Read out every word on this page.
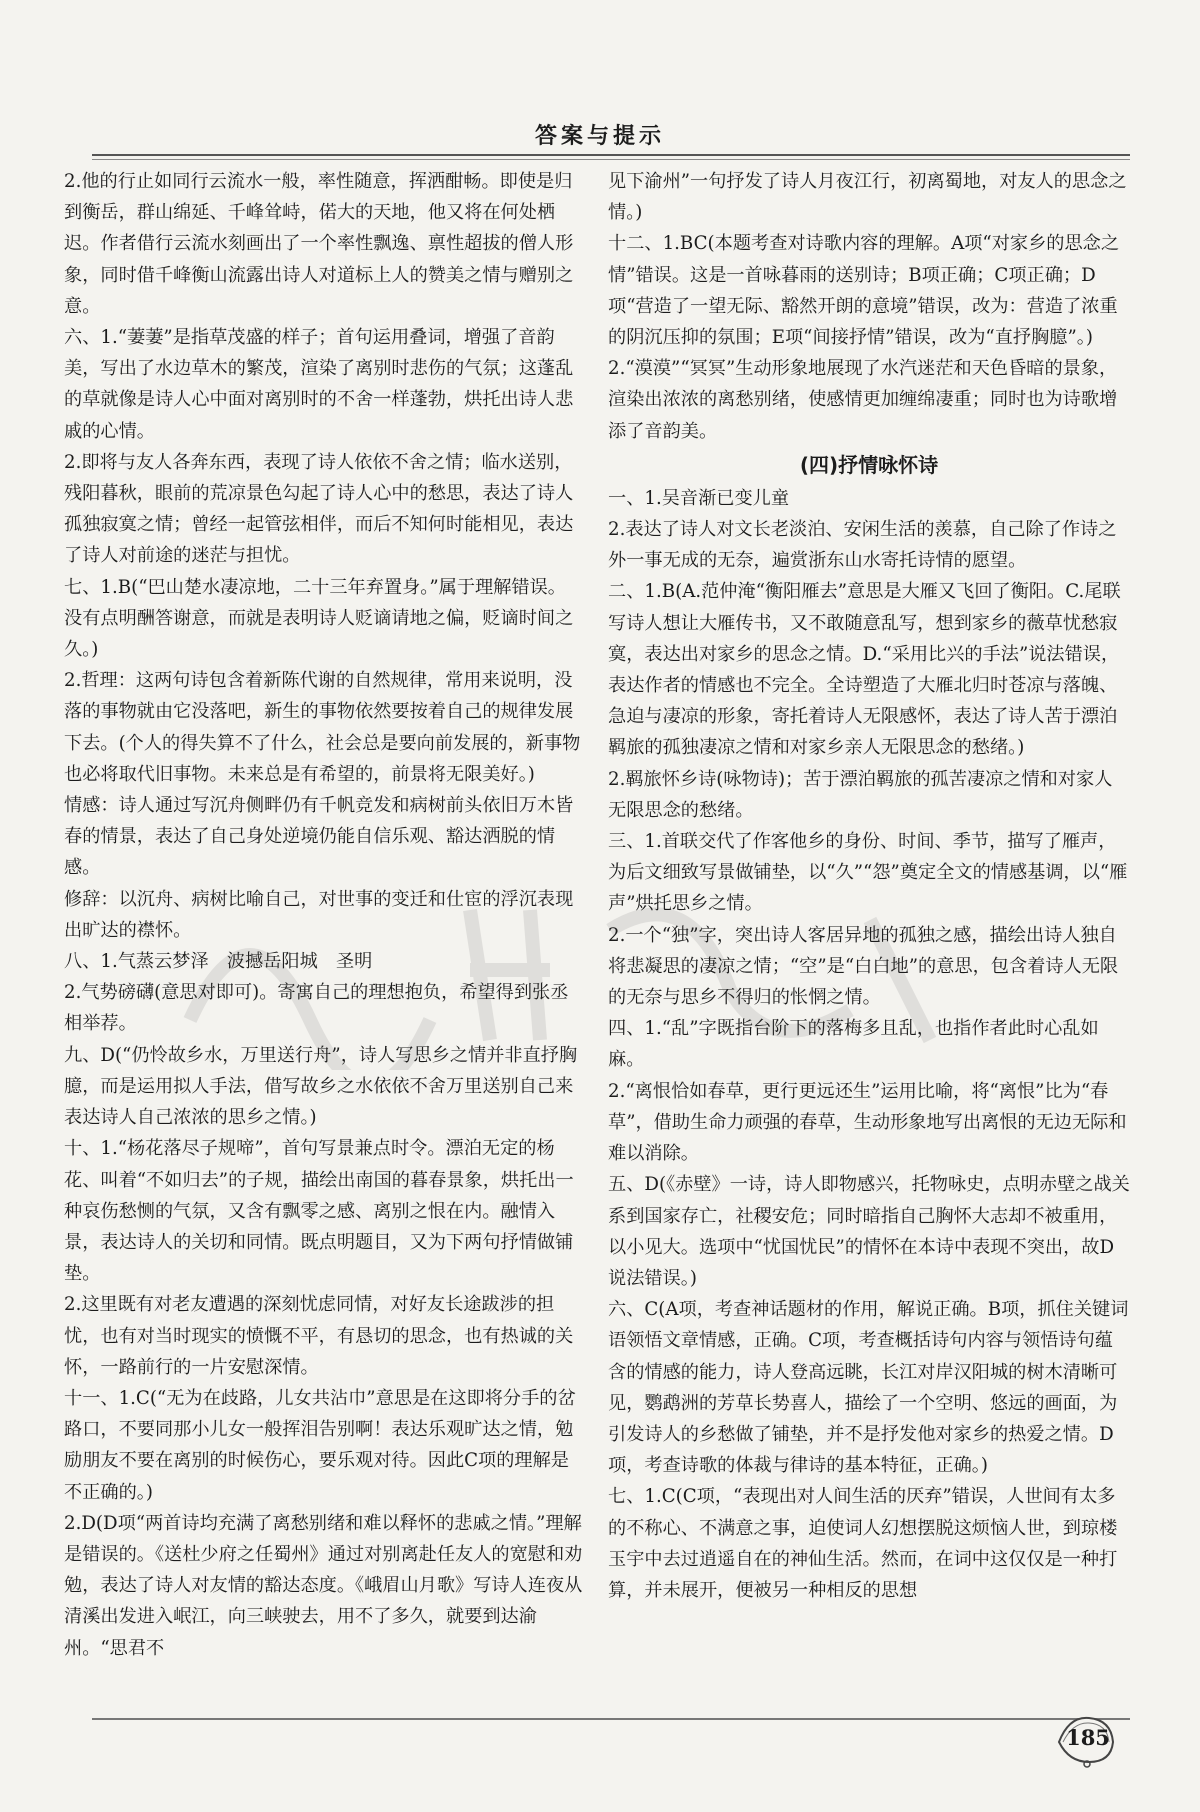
答案与提示

2.他的行止如同行云流水一般，率性随意，挥洒酣畅。即使是归到衡岳，群山绵延、千峰耸峙，偌大的天地，他又将在何处栖迟。作者借行云流水刻画出了一个率性飘逸、禀性超拔的僧人形象，同时借千峰衡山流露出诗人对道标上人的赞美之情与赠别之意。

六、1.“萋萋”是指草茂盛的样子；首句运用叠词，增强了音韵美，写出了水边草木的繁茂，渲染了离别时悲伤的气氛；这蓬乱的草就像是诗人心中面对离别时的不舍一样蓬勃，烘托出诗人悲戚的心情。

2.即将与友人各奔东西，表现了诗人依依不舍之情；临水送别，残阳暮秋，眼前的荒凉景色勾起了诗人心中的愁思，表达了诗人孤独寂寞之情；曾经一起管弦相伴，而后不知何时能相见，表达了诗人对前途的迷茫与担忧。

七、1.B(“巴山楚水凄凉地，二十三年弃置身。”属于理解错误。没有点明酬答谢意，而就是表明诗人贬谪请地之偏，贬谪时间之久。)

2.哲理：这两句诗包含着新陈代谢的自然规律，常用来说明，没落的事物就由它没落吧，新生的事物依然要按着自己的规律发展下去。(个人的得失算不了什么，社会总是要向前发展的，新事物也必将取代旧事物。未来总是有希望的，前景将无限美好。)

情感：诗人通过写沉舟侧畔仍有千帆竞发和病树前头依旧万木皆春的情景，表达了自己身处逆境仍能自信乐观、豁达洒脱的情感。

修辞：以沉舟、病树比喻自己，对世事的变迁和仕宦的浮沉表现出旷达的襟怀。

八、1.气蒸云梦泽　波撼岳阳城　圣明

2.气势磅礴(意思对即可)。寄寓自己的理想抱负，希望得到张丞相举荐。

九、D(“仍怜故乡水，万里送行舟”，诗人写思乡之情并非直抒胸臆，而是运用拟人手法，借写故乡之水依依不舍万里送别自己来表达诗人自己浓浓的思乡之情。)

十、1.“杨花落尽子规啼”，首句写景兼点时令。漂泊无定的杨花、叫着“不如归去”的子规，描绘出南国的暮春景象，烘托出一种哀伤愁恻的气氛，又含有飘零之感、离别之恨在内。融情入景，表达诗人的关切和同情。既点明题目，又为下两句抒情做铺垫。

2.这里既有对老友遭遇的深刻忧虑同情，对好友长途跋涉的担忧，也有对当时现实的愤慨不平，有恳切的思念，也有热诚的关怀，一路前行的一片安慰深情。

十一、1.C(“无为在歧路，儿女共沾巾”意思是在这即将分手的岔路口，不要同那小儿女一般挥泪告别啊！表达乐观旷达之情，勉励朋友不要在离别的时候伤心，要乐观对待。因此C项的理解是不正确的。)

2.D(D项“两首诗均充满了离愁别绪和难以释怀的悲戚之情。”理解是错误的。《送杜少府之任蜀州》通过对别离赴任友人的宽慰和劝勉，表达了诗人对友情的豁达态度。《峨眉山月歌》写诗人连夜从清溪出发进入岷江，向三峡驶去，用不了多久，就要到达渝州。“思君不

见下渝州”一句抒发了诗人月夜江行，初离蜀地，对友人的思念之情。)

十二、1.BC(本题考查对诗歌内容的理解。A项“对家乡的思念之情”错误。这是一首咏暮雨的送别诗；B项正确；C项正确；D项“营造了一望无际、豁然开朗的意境”错误，改为：营造了浓重的阴沉压抑的氛围；E项“间接抒情”错误，改为“直抒胸臆”。)

2.“漠漠”“冥冥”生动形象地展现了水汽迷茫和天色昏暗的景象，渲染出浓浓的离愁别绪，使感情更加缠绵凄重；同时也为诗歌增添了音韵美。

(四)抒情咏怀诗

一、1.吴音渐已变儿童

2.表达了诗人对文长老淡泊、安闲生活的羡慕，自己除了作诗之外一事无成的无奈，遍赏浙东山水寄托诗情的愿望。

二、1.B(A.范仲淹“衡阳雁去”意思是大雁又飞回了衡阳。C.尾联写诗人想让大雁传书，又不敢随意乱写，想到家乡的薇草忧愁寂寞，表达出对家乡的思念之情。D.“采用比兴的手法”说法错误，表达作者的情感也不完全。全诗塑造了大雁北归时苍凉与落魄、急迫与凄凉的形象，寄托着诗人无限感怀，表达了诗人苦于漂泊羁旅的孤独凄凉之情和对家乡亲人无限思念的愁绪。)

2.羁旅怀乡诗(咏物诗)；苦于漂泊羁旅的孤苦凄凉之情和对家人无限思念的愁绪。

三、1.首联交代了作客他乡的身份、时间、季节，描写了雁声，为后文细致写景做铺垫，以“久”“怨”奠定全文的情感基调，以“雁声”烘托思乡之情。

2.一个“独”字，突出诗人客居异地的孤独之感，描绘出诗人独自将悲凝思的凄凉之情；“空”是“白白地”的意思，包含着诗人无限的无奈与思乡不得归的怅惘之情。

四、1.“乱”字既指台阶下的落梅多且乱，也指作者此时心乱如麻。

2.“离恨恰如春草，更行更远还生”运用比喻，将“离恨”比为“春草”，借助生命力顽强的春草，生动形象地写出离恨的无边无际和难以消除。

五、D(《赤壁》一诗，诗人即物感兴，托物咏史，点明赤壁之战关系到国家存亡，社稷安危；同时暗指自己胸怀大志却不被重用，以小见大。选项中“忧国忧民”的情怀在本诗中表现不突出，故D说法错误。)

六、C(A项，考查神话题材的作用，解说正确。B项，抓住关键词语领悟文章情感，正确。C项，考查概括诗句内容与领悟诗句蕴含的情感的能力，诗人登高远眺，长江对岸汉阳城的树木清晰可见，鹦鹉洲的芳草长势喜人，描绘了一个空明、悠远的画面，为引发诗人的乡愁做了铺垫，并不是抒发他对家乡的热爱之情。D项，考查诗歌的体裁与律诗的基本特征，正确。)

七、1.C(C项，“表现出对人间生活的厌弃”错误，人世间有太多的不称心、不满意之事，迫使词人幻想摆脱这烦恼人世，到琼楼玉宇中去过逍遥自在的神仙生活。然而，在词中这仅仅是一种打算，并未展开，便被另一种相反的思想

185
